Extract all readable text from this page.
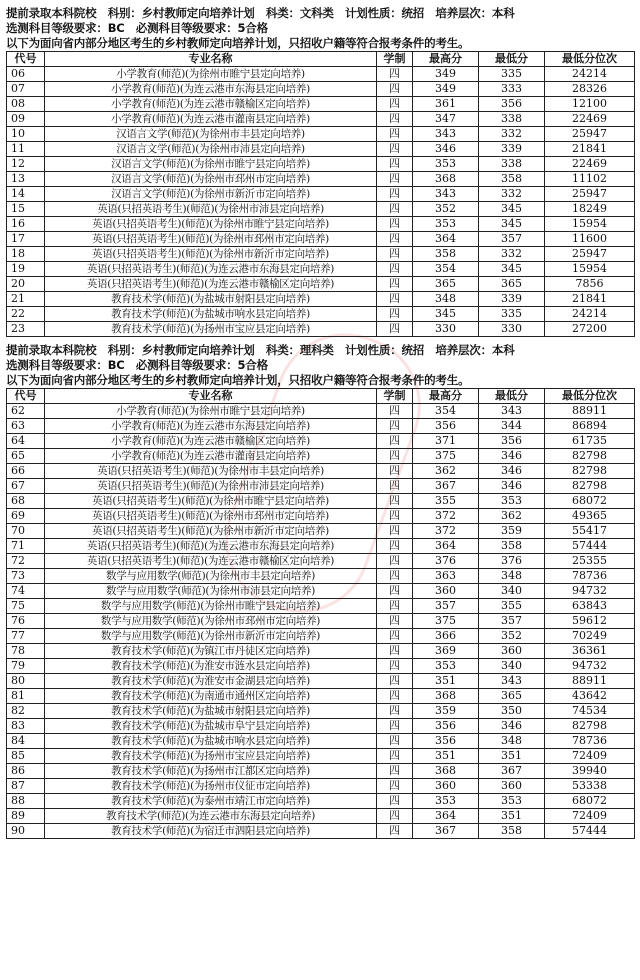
提前录取本科院校　科别：乡村教师定向培养计划　科类：文科类　计划性质：统招　培养层次：本科
选测科目等级要求：BC　必测科目等级要求：5合格
以下为面向省内部分地区考生的乡村教师定向培养计划，只招收户籍等符合报考条件的考生。
代号	专业名称	学制	最高分	最低分	最低分位次
06	小学教育(师范)(为徐州市睢宁县定向培养)	四	349	335	24214
07	小学教育(师范)(为连云港市东海县定向培养)	四	349	333	28326
08	小学教育(师范)(为连云港市赣榆区定向培养)	四	361	356	12100
09	小学教育(师范)(为连云港市灌南县定向培养)	四	347	338	22469
10	汉语言文学(师范)(为徐州市丰县定向培养)	四	343	332	25947
11	汉语言文学(师范)(为徐州市沛县定向培养)	四	346	339	21841
12	汉语言文学(师范)(为徐州市睢宁县定向培养)	四	353	338	22469
13	汉语言文学(师范)(为徐州市邳州市定向培养)	四	368	358	11102
14	汉语言文学(师范)(为徐州市新沂市定向培养)	四	343	332	25947
15	英语(只招英语考生)(师范)(为徐州市沛县定向培养)	四	352	345	18249
16	英语(只招英语考生)(师范)(为徐州市睢宁县定向培养)	四	353	345	15954
17	英语(只招英语考生)(师范)(为徐州市邳州市定向培养)	四	364	357	11600
18	英语(只招英语考生)(师范)(为徐州市新沂市定向培养)	四	358	332	25947
19	英语(只招英语考生)(师范)(为连云港市东海县定向培养)	四	354	345	15954
20	英语(只招英语考生)(师范)(为连云港市赣榆区定向培养)	四	365	365	7856
21	教育技术学(师范)(为盐城市射阳县定向培养)	四	348	339	21841
22	教育技术学(师范)(为盐城市响水县定向培养)	四	345	335	24214
23	教育技术学(师范)(为扬州市宝应县定向培养)	四	330	330	27200
提前录取本科院校　科别：乡村教师定向培养计划　科类：理科类　计划性质：统招　培养层次：本科
选测科目等级要求：BC　必测科目等级要求：5合格
以下为面向省内部分地区考生的乡村教师定向培养计划，只招收户籍等符合报考条件的考生。
代号	专业名称	学制	最高分	最低分	最低分位次
62	小学教育(师范)(为徐州市睢宁县定向培养)	四	354	343	88911
63	小学教育(师范)(为连云港市东海县定向培养)	四	356	344	86894
64	小学教育(师范)(为连云港市赣榆区定向培养)	四	371	356	61735
65	小学教育(师范)(为连云港市灌南县定向培养)	四	375	346	82798
66	英语(只招英语考生)(师范)(为徐州市丰县定向培养)	四	362	346	82798
67	英语(只招英语考生)(师范)(为徐州市沛县定向培养)	四	367	346	82798
68	英语(只招英语考生)(师范)(为徐州市睢宁县定向培养)	四	355	353	68072
69	英语(只招英语考生)(师范)(为徐州市邳州市定向培养)	四	372	362	49365
70	英语(只招英语考生)(师范)(为徐州市新沂市定向培养)	四	372	359	55417
71	英语(只招英语考生)(师范)(为连云港市东海县定向培养)	四	364	358	57444
72	英语(只招英语考生)(师范)(为连云港市赣榆区定向培养)	四	376	376	25355
73	数学与应用数学(师范)(为徐州市丰县定向培养)	四	363	348	78736
74	数学与应用数学(师范)(为徐州市沛县定向培养)	四	360	340	94732
75	数学与应用数学(师范)(为徐州市睢宁县定向培养)	四	357	355	63843
76	数学与应用数学(师范)(为徐州市邳州市定向培养)	四	375	357	59612
77	数学与应用数学(师范)(为徐州市新沂市定向培养)	四	366	352	70249
78	教育技术学(师范)(为镇江市丹徒区定向培养)	四	369	360	36361
79	教育技术学(师范)(为淮安市涟水县定向培养)	四	353	340	94732
80	教育技术学(师范)(为淮安市金湖县定向培养)	四	351	343	88911
81	教育技术学(师范)(为南通市通州区定向培养)	四	368	365	43642
82	教育技术学(师范)(为盐城市射阳县定向培养)	四	359	350	74534
83	教育技术学(师范)(为盐城市阜宁县定向培养)	四	356	346	82798
84	教育技术学(师范)(为盐城市响水县定向培养)	四	356	348	78736
85	教育技术学(师范)(为扬州市宝应县定向培养)	四	351	351	72409
86	教育技术学(师范)(为扬州市江都区定向培养)	四	368	367	39940
87	教育技术学(师范)(为扬州市仪征市定向培养)	四	360	360	53338
88	教育技术学(师范)(为泰州市靖江市定向培养)	四	353	353	68072
89	教育技术学(师范)(为连云港市东海县定向培养)	四	364	351	72409
90	教育技术学(师范)(为宿迁市泗阳县定向培养)	四	367	358	57444
